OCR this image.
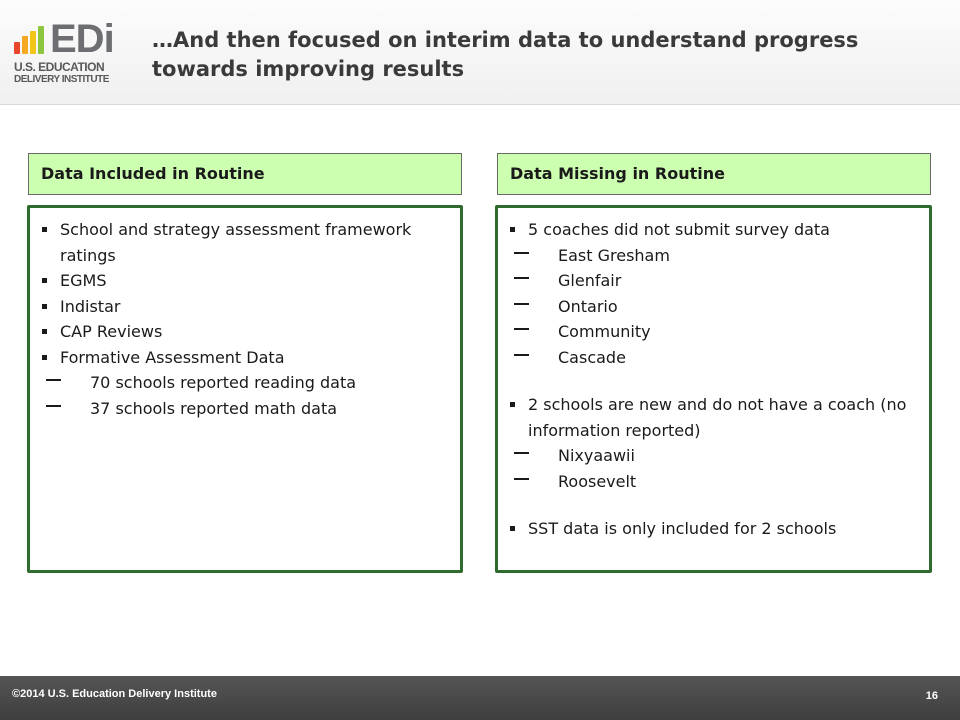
EDi
U.S. EDUCATION
DELIVERY INSTITUTE
…And then focused on interim data to understand progress towards improving results
Data Included in Routine
School and strategy assessment framework ratings
EGMS
Indistar
CAP Reviews
Formative Assessment Data
70 schools reported reading data
37 schools reported math data
Data Missing in Routine
5 coaches did not submit survey data
East Gresham
Glenfair
Ontario
Community
Cascade
2 schools are new and do not have a coach (no information reported)
Nixyaawii
Roosevelt
SST data is only included for 2 schools
©2014 U.S. Education Delivery Institute	16
